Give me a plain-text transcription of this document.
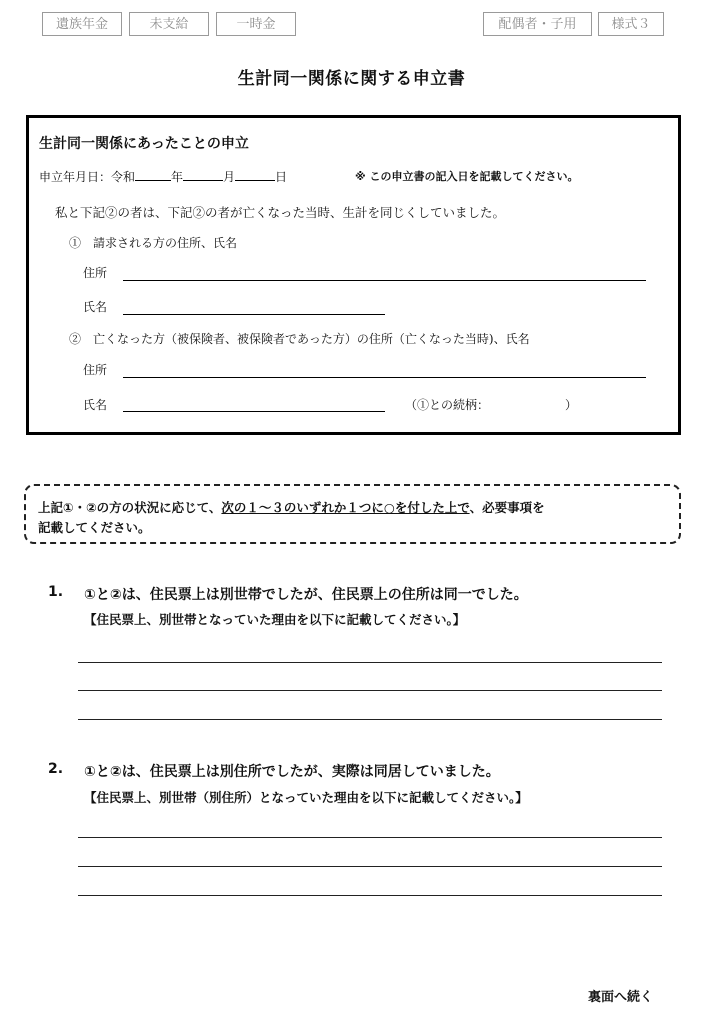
遺族年金	未支給	一時金	配偶者・子用	様式３
生計同一関係に関する申立書
生計同一関係にあったことの申立
申立年月日：令和	年	月	日	※ この申立書の記入日を記載してください。
私と下記②の者は、下記②の者が亡くなった当時、生計を同じくしていました。
①　請求される方の住所、氏名
住所
氏名
②　亡くなった方（被保険者、被保険者であった方）の住所（亡くなった当時)、氏名
住所
氏名	（①との続柄：	）
上記①・②の方の状況に応じて、次の１～３のいずれか１つに○を付した上で、必要事項を
記載してください。
1. ①と②は、住民票上は別世帯でしたが、住民票上の住所は同一でした。
【住民票上、別世帯となっていた理由を以下に記載してください。】
2. ①と②は、住民票上は別住所でしたが、実際は同居していました。
【住民票上、別世帯（別住所）となっていた理由を以下に記載してください。】
裏面へ続く
